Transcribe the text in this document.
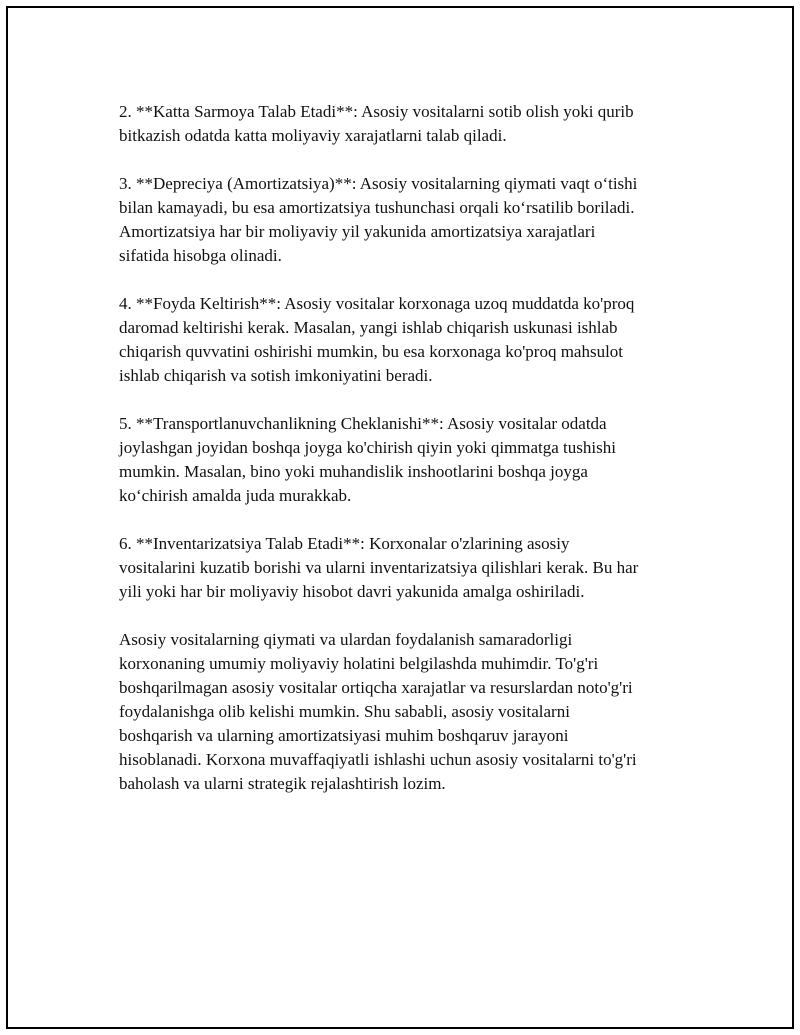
2. **Katta Sarmoya Talab Etadi**: Asosiy vositalarni sotib olish yoki qurib
bitkazish odatda katta moliyaviy xarajatlarni talab qiladi.

3. **Depreciya (Amortizatsiya)**: Asosiy vositalarning qiymati vaqt o‘tishi
bilan kamayadi, bu esa amortizatsiya tushunchasi orqali ko‘rsatilib boriladi.
Amortizatsiya har bir moliyaviy yil yakunida amortizatsiya xarajatlari
sifatida hisobga olinadi.

4. **Foyda Keltirish**: Asosiy vositalar korxonaga uzoq muddatda ko'proq
daromad keltirishi kerak. Masalan, yangi ishlab chiqarish uskunasi ishlab
chiqarish quvvatini oshirishi mumkin, bu esa korxonaga ko'proq mahsulot
ishlab chiqarish va sotish imkoniyatini beradi.

5. **Transportlanuvchanlikning Cheklanishi**: Asosiy vositalar odatda
joylashgan joyidan boshqa joyga ko'chirish qiyin yoki qimmatga tushishi
mumkin. Masalan, bino yoki muhandislik inshootlarini boshqa joyga
ko‘chirish amalda juda murakkab.

6. **Inventarizatsiya Talab Etadi**: Korxonalar o'zlarining asosiy
vositalarini kuzatib borishi va ularni inventarizatsiya qilishlari kerak. Bu har
yili yoki har bir moliyaviy hisobot davri yakunida amalga oshiriladi.

Asosiy vositalarning qiymati va ulardan foydalanish samaradorligi
korxonaning umumiy moliyaviy holatini belgilashda muhimdir. To'g'ri
boshqarilmagan asosiy vositalar ortiqcha xarajatlar va resurslardan noto'g'ri
foydalanishga olib kelishi mumkin. Shu sababli, asosiy vositalarni
boshqarish va ularning amortizatsiyasi muhim boshqaruv jarayoni
hisoblanadi. Korxona muvaffaqiyatli ishlashi uchun asosiy vositalarni to'g'ri
baholash va ularni strategik rejalashtirish lozim.
